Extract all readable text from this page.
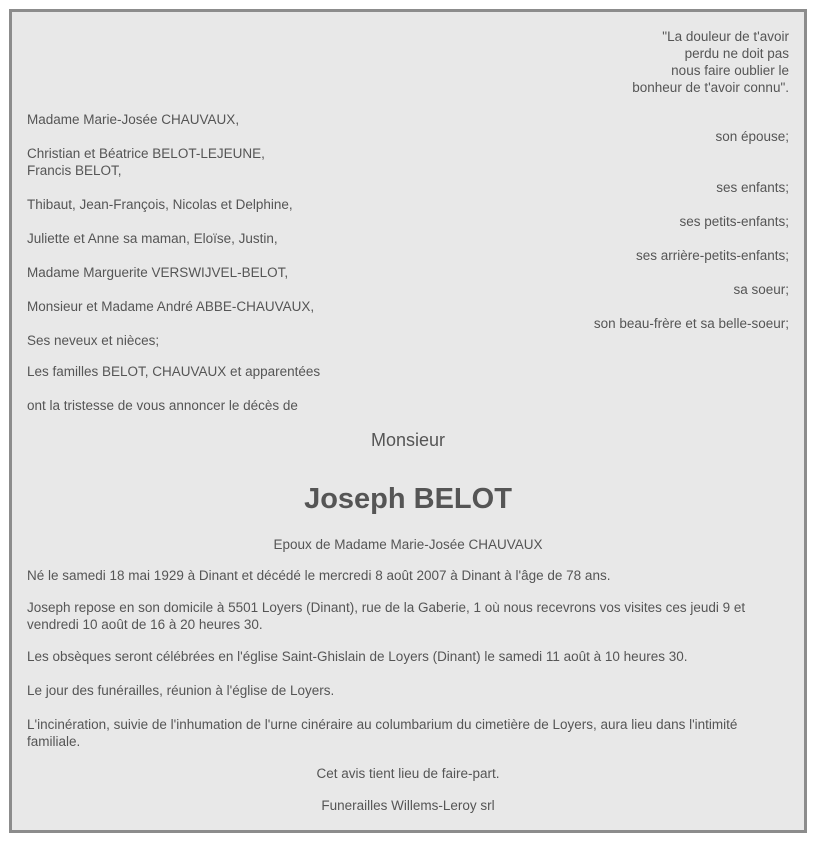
"La douleur de t'avoir
perdu ne doit pas
nous faire oublier le
bonheur de t'avoir connu".
Madame Marie-Josée CHAUVAUX,
son épouse;
Christian et Béatrice BELOT-LEJEUNE,
Francis BELOT,
ses enfants;
Thibaut, Jean-François, Nicolas et Delphine,
ses petits-enfants;
Juliette et Anne sa maman, Eloïse, Justin,
ses arrière-petits-enfants;
Madame Marguerite VERSWIJVEL-BELOT,
sa soeur;
Monsieur et Madame André ABBE-CHAUVAUX,
son beau-frère et sa belle-soeur;
Ses neveux et nièces;
Les familles BELOT, CHAUVAUX et apparentées
ont la tristesse de vous annoncer le décès de
Monsieur
Joseph BELOT
Epoux de Madame Marie-Josée CHAUVAUX

Né le samedi 18 mai 1929 à Dinant et décédé le mercredi 8 août 2007 à Dinant à l'âge de 78 ans.

Joseph repose en son domicile à 5501 Loyers (Dinant), rue de la Gaberie, 1 où nous recevrons vos visites ces jeudi 9 et vendredi 10 août de 16 à 20 heures 30.

Les obsèques seront célébrées en l'église Saint-Ghislain de Loyers (Dinant) le samedi 11 août à 10 heures 30.

Le jour des funérailles, réunion à l'église de Loyers.

L'incinération, suivie de l'inhumation de l'urne cinéraire au columbarium du cimetière de Loyers, aura lieu dans l'intimité familiale.

Cet avis tient lieu de faire-part.
Funerailles Willems-Leroy srl
